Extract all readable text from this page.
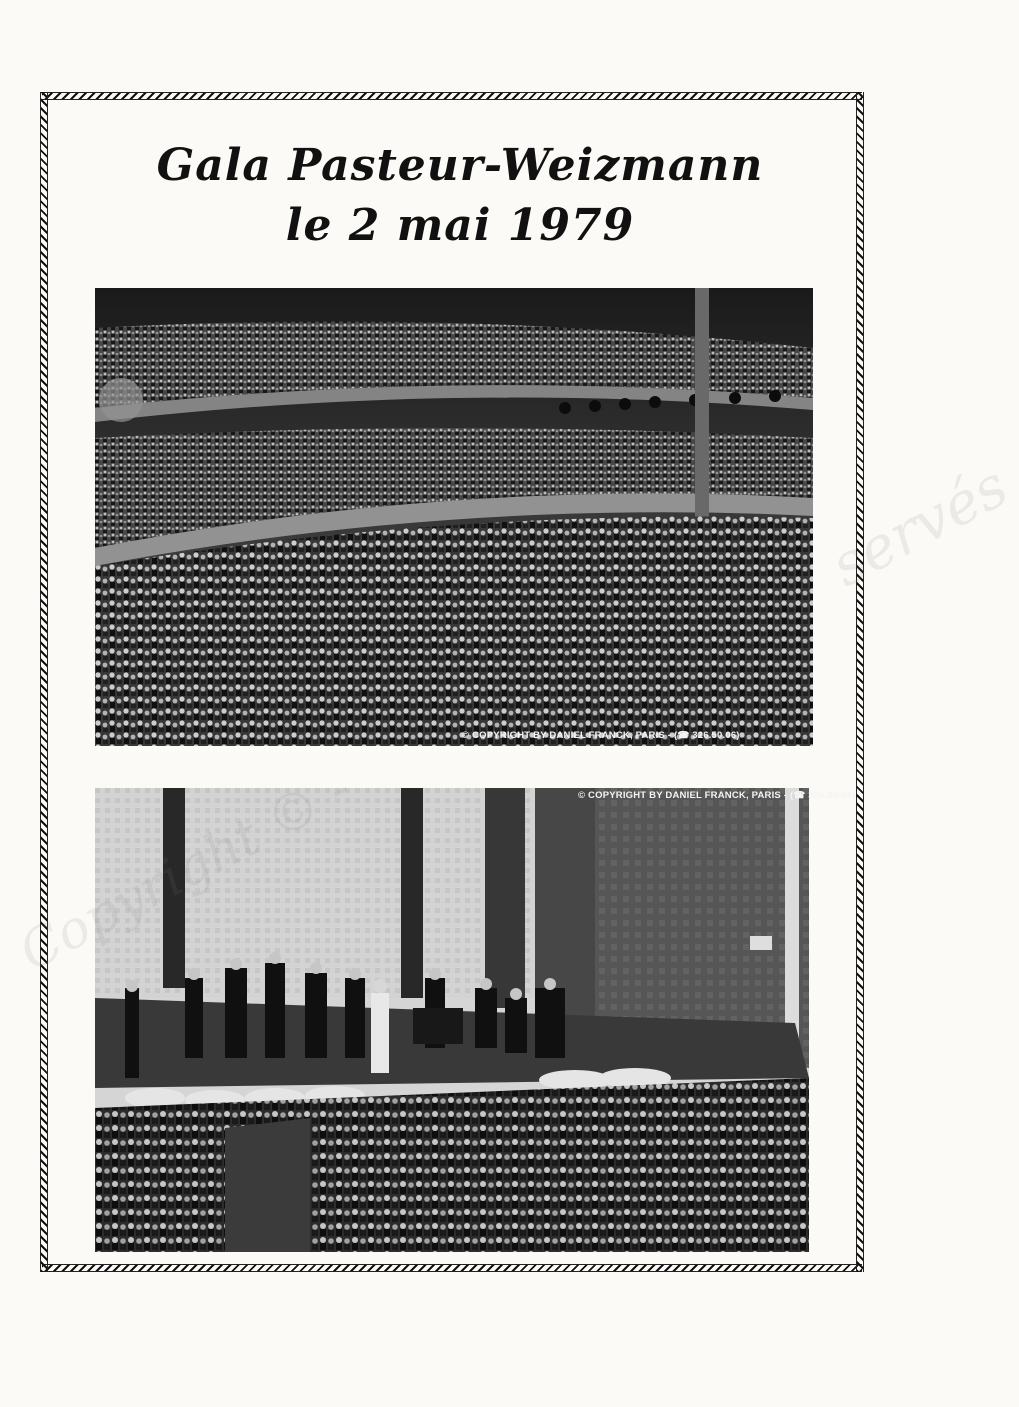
Gala Pasteur-Weizmann
le 2 mai 1979
© COPYRIGHT BY DANIEL FRANCK, PARIS - (☎ 326.50.06)
© COPYRIGHT BY DANIEL FRANCK, PARIS - (☎ 326.50.06)
servés
